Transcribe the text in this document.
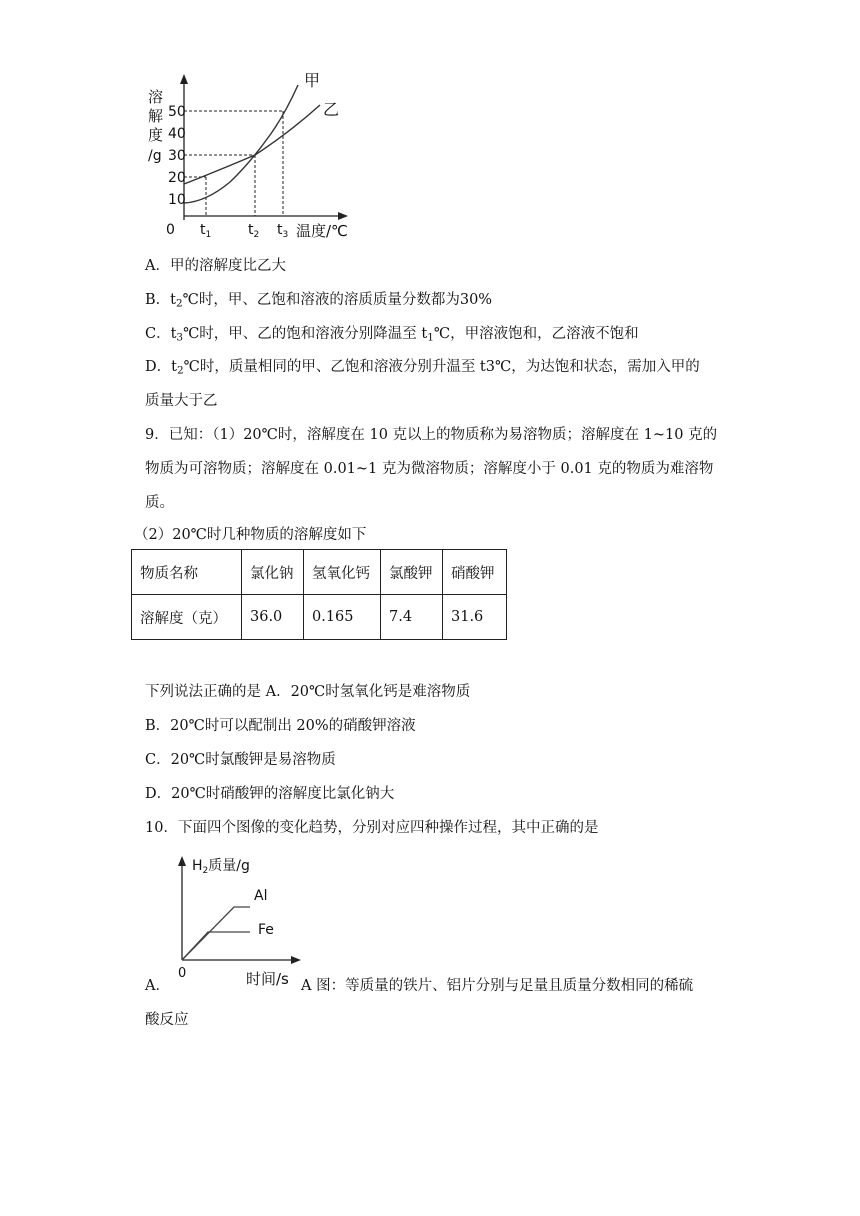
溶
解
度
/g
10
20
30
40
50
甲
乙
0 $t_1$	$t_2$ $t_3$ 温度/℃
A．甲的溶解度比乙大
B．$t_2℃$时，甲、乙饱和溶液的溶质质量分数都为30%
C．$t_3℃$时，甲、乙的饱和溶液分别降温至 $t_1℃$，甲溶液饱和，乙溶液不饱和
D．$t_2℃$时，质量相同的甲、乙饱和溶液分别升温至 t3℃，为达饱和状态，需加入甲的
质量大于乙
9．已知：（1）20℃时，溶解度在 10 克以上的物质称为易溶物质；溶解度在 1~10 克的
物质为可溶物质；溶解度在 0.01~1 克为微溶物质；溶解度小于 0.01 克的物质为难溶物
质。
（2）20℃时几种物质的溶解度如下
物质名称	氯化钠	氢氧化钙	氯酸钾	硝酸钾
溶解度（克）	36.0	0.165	7.4	31.6
下列说法正确的是 A．20℃时氢氧化钙是难溶物质
B．20℃时可以配制出 20%的硝酸钾溶液
C．20℃时氯酸钾是易溶物质
D．20℃时硝酸钾的溶解度比氯化钠大
10．下面四个图像的变化趋势，分别对应四种操作过程，其中正确的是
$H_2$质量/g
Al
Fe
0	时间/s
A．	A 图：等质量的铁片、铝片分别与足量且质量分数相同的稀硫
酸反应
